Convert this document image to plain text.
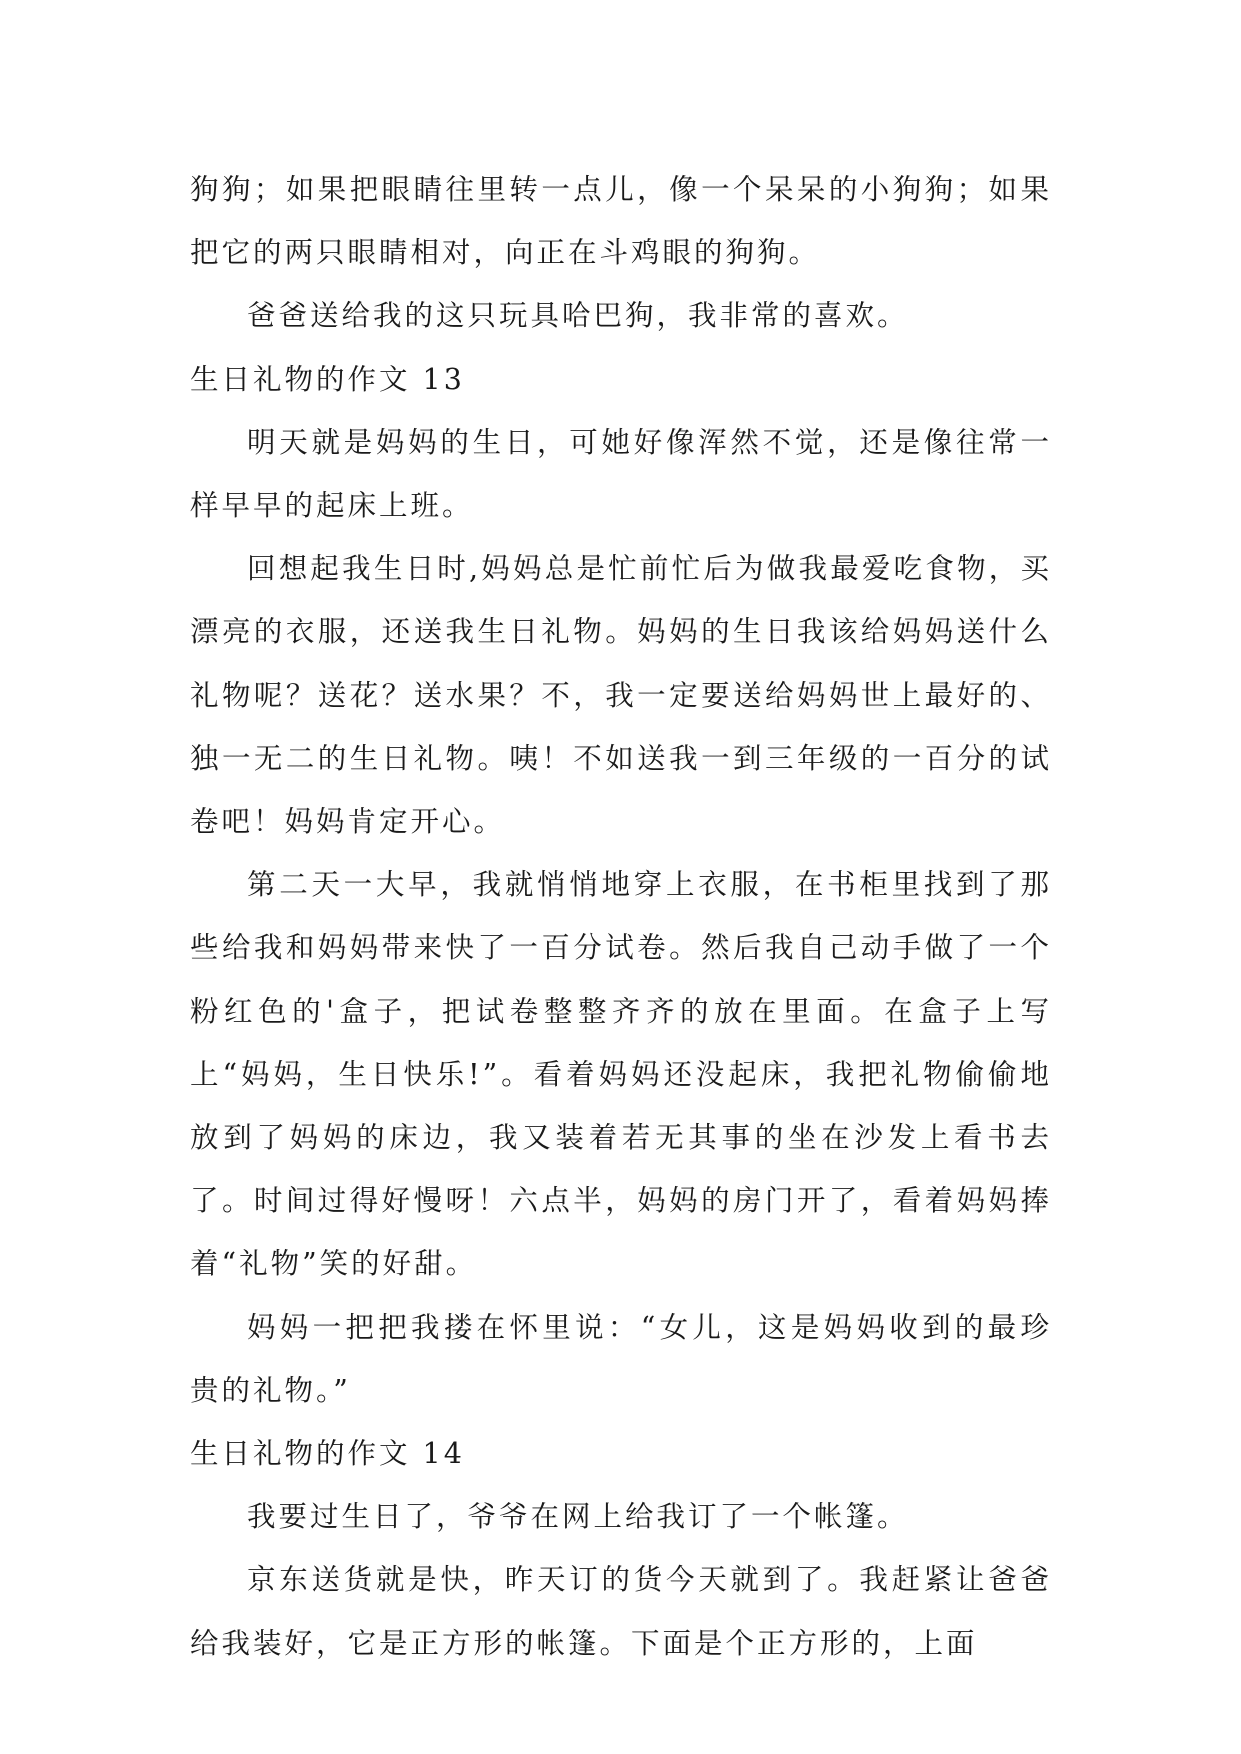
狗狗；如果把眼睛往里转一点儿，像一个呆呆的小狗狗；如果把它的两只眼睛相对，向正在斗鸡眼的狗狗。

爸爸送给我的这只玩具哈巴狗，我非常的喜欢。

生日礼物的作文 13

明天就是妈妈的生日，可她好像浑然不觉，还是像往常一样早早的起床上班。

回想起我生日时,妈妈总是忙前忙后为做我最爱吃食物，买漂亮的衣服，还送我生日礼物。妈妈的生日我该给妈妈送什么礼物呢？送花？送水果？不，我一定要送给妈妈世上最好的、独一无二的生日礼物。咦！不如送我一到三年级的一百分的试卷吧！妈妈肯定开心。

第二天一大早，我就悄悄地穿上衣服，在书柜里找到了那些给我和妈妈带来快了一百分试卷。然后我自己动手做了一个粉红色的'盒子，把试卷整整齐齐的放在里面。在盒子上写上“妈妈，生日快乐!”。看着妈妈还没起床，我把礼物偷偷地放到了妈妈的床边，我又装着若无其事的坐在沙发上看书去了。时间过得好慢呀！六点半，妈妈的房门开了，看着妈妈捧着“礼物”笑的好甜。

妈妈一把把我搂在怀里说：“女儿，这是妈妈收到的最珍贵的礼物。”

生日礼物的作文 14

我要过生日了，爷爷在网上给我订了一个帐篷。

京东送货就是快，昨天订的货今天就到了。我赶紧让爸爸给我装好，它是正方形的帐篷。下面是个正方形的，上面
